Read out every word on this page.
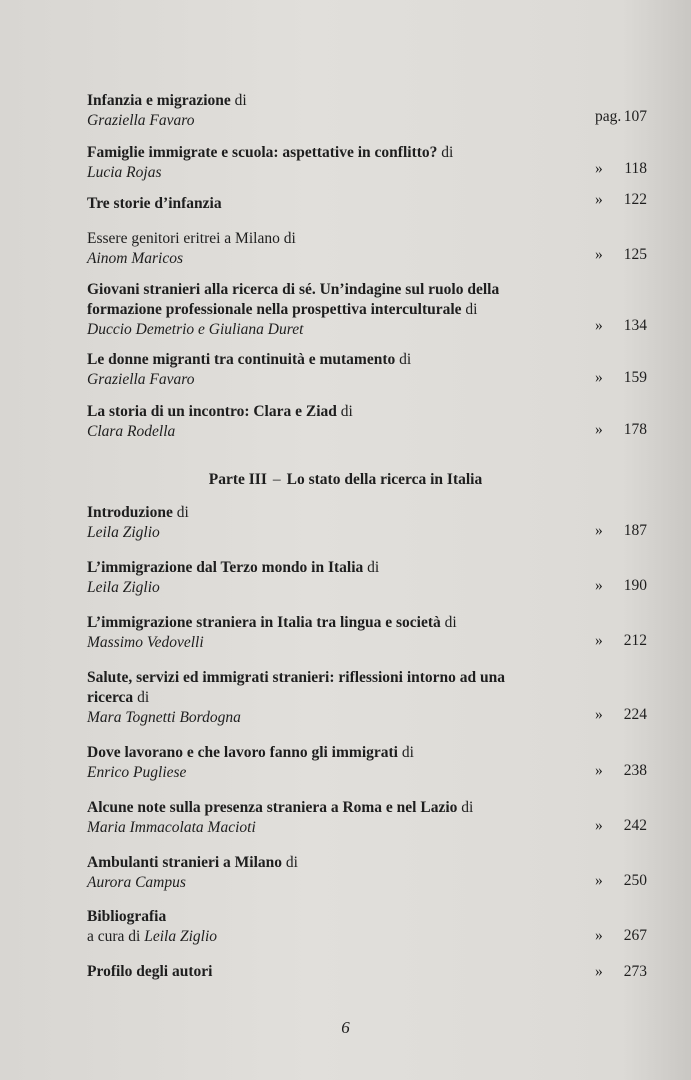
Infanzia e migrazione di
Graziella Favaro	pag. 107
Famiglie immigrate e scuola: aspettative in conflitto? di
Lucia Rojas	» 118
Tre storie d’infanzia	» 122
Essere genitori eritrei a Milano di
Ainom Maricos	» 125
Giovani stranieri alla ricerca di sé. Un’indagine sul ruolo della
formazione professionale nella prospettiva interculturale di
Duccio Demetrio e Giuliana Duret	» 134
Le donne migranti tra continuità e mutamento di
Graziella Favaro	» 159
La storia di un incontro: Clara e Ziad di
Clara Rodella	» 178
Parte III – Lo stato della ricerca in Italia
Introduzione di
Leila Ziglio	» 187
L’immigrazione dal Terzo mondo in Italia di
Leila Ziglio	» 190
L’immigrazione straniera in Italia tra lingua e società di
Massimo Vedovelli	» 212
Salute, servizi ed immigrati stranieri: riflessioni intorno ad una
ricerca di
Mara Tognetti Bordogna	» 224
Dove lavorano e che lavoro fanno gli immigrati di
Enrico Pugliese	» 238
Alcune note sulla presenza straniera a Roma e nel Lazio di
Maria Immacolata Macioti	» 242
Ambulanti stranieri a Milano di
Aurora Campus	» 250
Bibliografia
a cura di Leila Ziglio	» 267
Profilo degli autori	» 273
6
